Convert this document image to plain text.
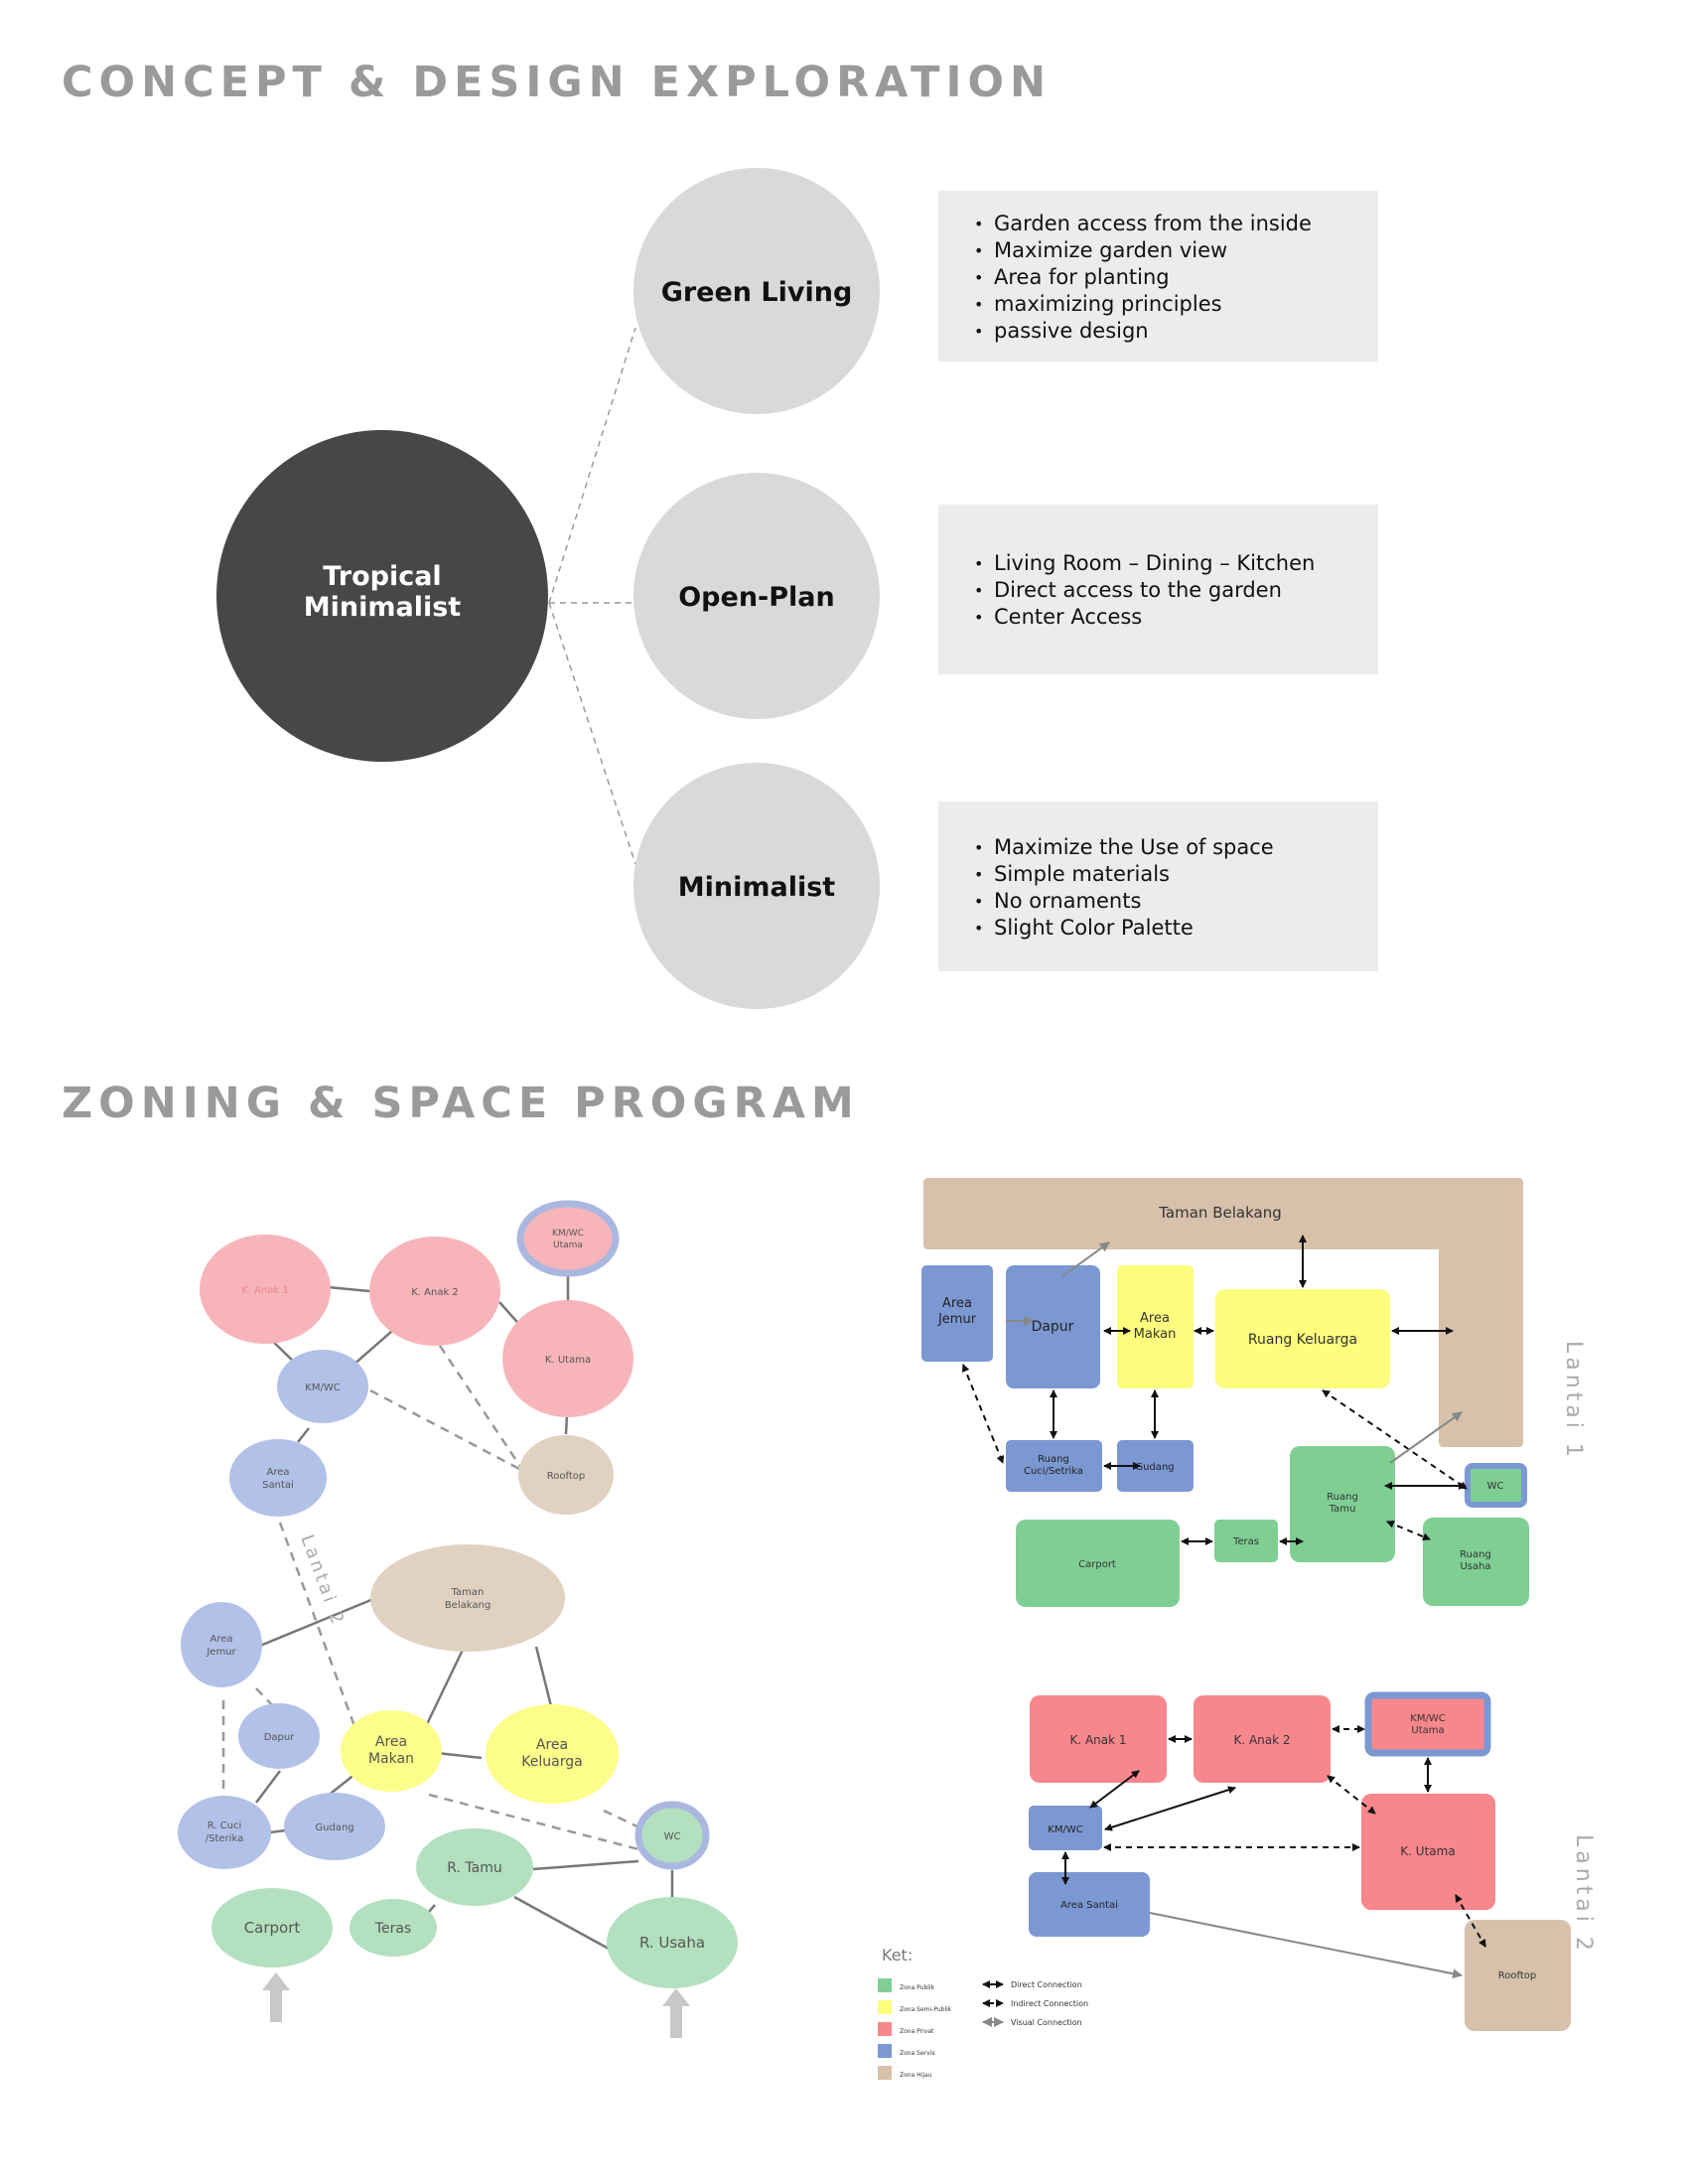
CONCEPT & DESIGN EXPLORATION
Tropical
Minimalist
Green Living
Open-Plan
Minimalist
• Garden access from the inside
• Maximize garden view
• Area for planting
• maximizing principles
• passive design
• Living Room – Dining – Kitchen
• Direct access to the garden
• Center Access
• Maximize the Use of space
• Simple materials
• No ornaments
• Slight Color Palette
ZONING & SPACE PROGRAM
K. Anak 1	K. Anak 2
KM/WC
Utama
K. Utama
KM/WC
Area
Santai
Rooftop
Lantai 2	Taman
Belakang
Area
Jemur
Dapur	Area
Makan
Area
Keluarga
R. Cuci
/Sterika
Gudang
WC
R. Tamu
Carport	Teras
R. Usaha
Taman Belakang
Area
Jemur	Dapur
Area
Makan	Ruang Keluarga
Ruang
Cuci/Setrika	Gudang
Ruang
Tamu
WC
Carport
Teras
Ruang
Usaha
Lantai 1
K. Anak 1	K. Anak 2
KM/WC
Utama
KM/WC
K. Utama
Area Santai
Rooftop
Lantai 2
Ket:
Zona Publik
Zona Semi-Publik
Zona Privat
Zona Servis
Zona Hijau
Direct Connection
Indirect Connection
Visual Connection
